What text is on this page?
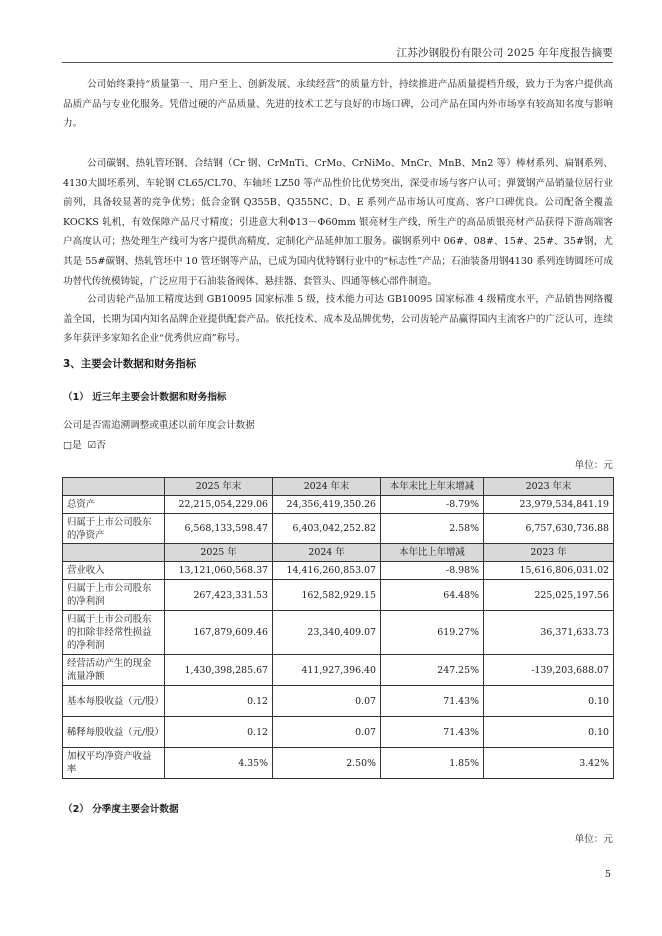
江苏沙钢股份有限公司 2025 年年度报告摘要

公司始终秉持“质量第一、用户至上、创新发展、永续经营”的质量方针，持续推进产品质量提档升级，致力于为客户提供高品质产品与专业化服务。凭借过硬的产品质量、先进的技术工艺与良好的市场口碑，公司产品在国内外市场享有较高知名度与影响力。

公司碳钢、热轧管坯钢、合结钢（Cr 钢、CrMnTi、CrMo、CrNiMo、MnCr、MnB、Mn2 等）棒材系列、扁钢系列、4130大圆坯系列、车轮钢 CL65/CL70、车轴坯 LZ50 等产品性价比优势突出，深受市场与客户认可；弹簧钢产品销量位居行业前列，具备较显著的竞争优势；低合金钢 Q355B、Q355NC、D、E 系列产品市场认可度高、客户口碑优良。公司配备全覆盖 KOCKS 轧机，有效保障产品尺寸精度；引进意大利Φ13－Φ60mm 银亮材生产线，所生产的高品质银亮材产品获得下游高端客户高度认可；热处理生产线可为客户提供高精度、定制化产品延伸加工服务。碳钢系列中 06#、08#、15#、25#、35#钢，尤其是 55#碳钢、热轧管坯中 10 管坯钢等产品，已成为国内优特钢行业中的“标志性”产品；石油装备用钢4130 系列连铸圆坯可成功替代传统模铸锭，广泛应用于石油装备阀体、悬挂器、套管头、四通等核心部件制造。

公司齿轮产品加工精度达到 GB10095 国家标准 5 级，技术能力可达 GB10095 国家标准 4 级精度水平，产品销售网络覆盖全国，长期为国内知名品牌企业提供配套产品。依托技术、成本及品牌优势，公司齿轮产品赢得国内主流客户的广泛认可，连续多年获评多家知名企业“优秀供应商”称号。

3、主要会计数据和财务指标
（1） 近三年主要会计数据和财务指标
公司是否需追溯调整或重述以前年度会计数据
□是 ☑否
单位：元
	2025 年末	2024 年末	本年末比上年末增减	2023 年末
总资产	22,215,054,229.06	24,356,419,350.26	-8.79%	23,979,534,841.19
归属于上市公司股东的净资产	6,568,133,598.47	6,403,042,252.82	2.58%	6,757,630,736.88
	2025 年	2024 年	本年比上年增减	2023 年
营业收入	13,121,060,568.37	14,416,260,853.07	-8.98%	15,616,806,031.02
归属于上市公司股东的净利润	267,423,331.53	162,582,929.15	64.48%	225,025,197.56
归属于上市公司股东的扣除非经常性损益的净利润	167,879,609.46	23,340,409.07	619.27%	36,371,633.73
经营活动产生的现金流量净额	1,430,398,285.67	411,927,396.40	247.25%	-139,203,688.07
基本每股收益（元/股）	0.12	0.07	71.43%	0.10
稀释每股收益（元/股）	0.12	0.07	71.43%	0.10
加权平均净资产收益率	4.35%	2.50%	1.85%	3.42%
（2） 分季度主要会计数据
单位：元
5
